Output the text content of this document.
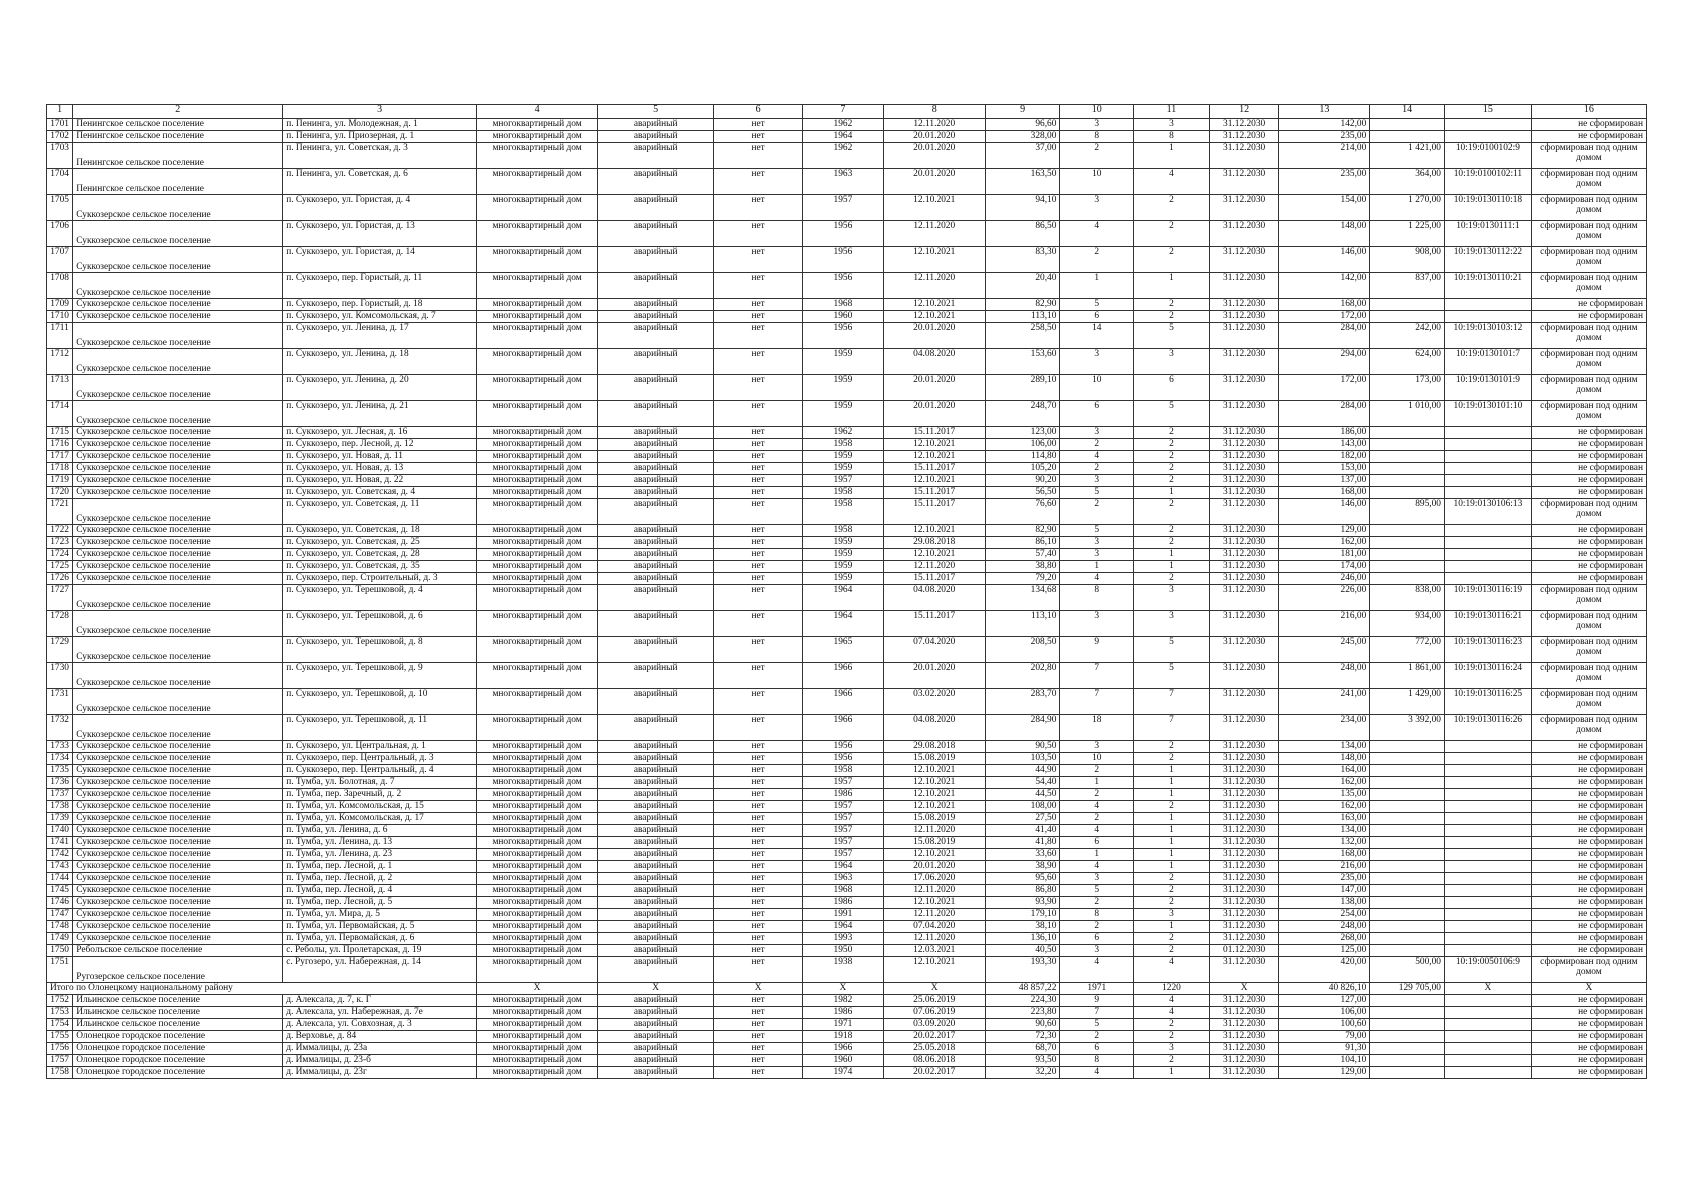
1	2	3	4	5	6	7	8	9	10	11	12	13	14	15	16
1701	Пенингское сельское поселение	п. Пенинга, ул. Молодежная, д. 1	многоквартирный дом	аварийный	нет	1962	12.11.2020	96,60	3	3	31.12.2030	142,00			не сформирован
1702	Пенингское сельское поселение	п. Пенинга, ул. Приозерная, д. 1	многоквартирный дом	аварийный	нет	1964	20.01.2020	328,00	8	8	31.12.2030	235,00			не сформирован
1703	Пенингское сельское поселение	п. Пенинга, ул. Советская, д. 3	многоквартирный дом	аварийный	нет	1962	20.01.2020	37,00	2	1	31.12.2030	214,00	1 421,00	10:19:0100102:9	сформирован под одним домом
1704	Пенингское сельское поселение	п. Пенинга, ул. Советская, д. 6	многоквартирный дом	аварийный	нет	1963	20.01.2020	163,50	10	4	31.12.2030	235,00	364,00	10:19:0100102:11	сформирован под одним домом
1705	Суккозерское сельское поселение	п. Суккозеро, ул. Гористая, д. 4	многоквартирный дом	аварийный	нет	1957	12.10.2021	94,10	3	2	31.12.2030	154,00	1 270,00	10:19:0130110:18	сформирован под одним домом
1706	Суккозерское сельское поселение	п. Суккозеро, ул. Гористая, д. 13	многоквартирный дом	аварийный	нет	1956	12.11.2020	86,50	4	2	31.12.2030	148,00	1 225,00	10:19:0130111:1	сформирован под одним домом
1707	Суккозерское сельское поселение	п. Суккозеро, ул. Гористая, д. 14	многоквартирный дом	аварийный	нет	1956	12.10.2021	83,30	2	2	31.12.2030	146,00	908,00	10:19:0130112:22	сформирован под одним домом
1708	Суккозерское сельское поселение	п. Суккозеро, пер. Гористый, д. 11	многоквартирный дом	аварийный	нет	1956	12.11.2020	20,40	1	1	31.12.2030	142,00	837,00	10:19:0130110:21	сформирован под одним домом
1709	Суккозерское сельское поселение	п. Суккозеро, пер. Гористый, д. 18	многоквартирный дом	аварийный	нет	1968	12.10.2021	82,90	5	2	31.12.2030	168,00			не сформирован
1710	Суккозерское сельское поселение	п. Суккозеро, ул. Комсомольская, д. 7	многоквартирный дом	аварийный	нет	1960	12.10.2021	113,10	6	2	31.12.2030	172,00			не сформирован
1711	Суккозерское сельское поселение	п. Суккозеро, ул. Ленина, д. 17	многоквартирный дом	аварийный	нет	1956	20.01.2020	258,50	14	5	31.12.2030	284,00	242,00	10:19:0130103:12	сформирован под одним домом
1712	Суккозерское сельское поселение	п. Суккозеро, ул. Ленина, д. 18	многоквартирный дом	аварийный	нет	1959	04.08.2020	153,60	3	3	31.12.2030	294,00	624,00	10:19:0130101:7	сформирован под одним домом
1713	Суккозерское сельское поселение	п. Суккозеро, ул. Ленина, д. 20	многоквартирный дом	аварийный	нет	1959	20.01.2020	289,10	10	6	31.12.2030	172,00	173,00	10:19:0130101:9	сформирован под одним домом
1714	Суккозерское сельское поселение	п. Суккозеро, ул. Ленина, д. 21	многоквартирный дом	аварийный	нет	1959	20.01.2020	248,70	6	5	31.12.2030	284,00	1 010,00	10:19:0130101:10	сформирован под одним домом
1715	Суккозерское сельское поселение	п. Суккозеро, ул. Лесная, д. 16	многоквартирный дом	аварийный	нет	1962	15.11.2017	123,00	3	2	31.12.2030	186,00			не сформирован
1716	Суккозерское сельское поселение	п. Суккозеро, пер. Лесной, д. 12	многоквартирный дом	аварийный	нет	1958	12.10.2021	106,00	2	2	31.12.2030	143,00			не сформирован
1717	Суккозерское сельское поселение	п. Суккозеро, ул. Новая, д. 11	многоквартирный дом	аварийный	нет	1959	12.10.2021	114,80	4	2	31.12.2030	182,00			не сформирован
1718	Суккозерское сельское поселение	п. Суккозеро, ул. Новая, д. 13	многоквартирный дом	аварийный	нет	1959	15.11.2017	105,20	2	2	31.12.2030	153,00			не сформирован
1719	Суккозерское сельское поселение	п. Суккозеро, ул. Новая, д. 22	многоквартирный дом	аварийный	нет	1957	12.10.2021	90,20	3	2	31.12.2030	137,00			не сформирован
1720	Суккозерское сельское поселение	п. Суккозеро, ул. Советская, д. 4	многоквартирный дом	аварийный	нет	1958	15.11.2017	56,50	5	1	31.12.2030	168,00			не сформирован
1721	Суккозерское сельское поселение	п. Суккозеро, ул. Советская, д. 11	многоквартирный дом	аварийный	нет	1958	15.11.2017	76,60	2	2	31.12.2030	146,00	895,00	10:19:0130106:13	сформирован под одним домом
1722	Суккозерское сельское поселение	п. Суккозеро, ул. Советская, д. 18	многоквартирный дом	аварийный	нет	1958	12.10.2021	82,90	5	2	31.12.2030	129,00			не сформирован
1723	Суккозерское сельское поселение	п. Суккозеро, ул. Советская, д. 25	многоквартирный дом	аварийный	нет	1959	29.08.2018	86,10	3	2	31.12.2030	162,00			не сформирован
1724	Суккозерское сельское поселение	п. Суккозеро, ул. Советская, д. 28	многоквартирный дом	аварийный	нет	1959	12.10.2021	57,40	3	1	31.12.2030	181,00			не сформирован
1725	Суккозерское сельское поселение	п. Суккозеро, ул. Советская, д. 35	многоквартирный дом	аварийный	нет	1959	12.11.2020	38,80	1	1	31.12.2030	174,00			не сформирован
1726	Суккозерское сельское поселение	п. Суккозеро, пер. Строительный, д. 3	многоквартирный дом	аварийный	нет	1959	15.11.2017	79,20	4	2	31.12.2030	246,00			не сформирован
1727	Суккозерское сельское поселение	п. Суккозеро, ул. Терешковой, д. 4	многоквартирный дом	аварийный	нет	1964	04.08.2020	134,68	8	3	31.12.2030	226,00	838,00	10:19:0130116:19	сформирован под одним домом
1728	Суккозерское сельское поселение	п. Суккозеро, ул. Терешковой, д. 6	многоквартирный дом	аварийный	нет	1964	15.11.2017	113,10	3	3	31.12.2030	216,00	934,00	10:19:0130116:21	сформирован под одним домом
1729	Суккозерское сельское поселение	п. Суккозеро, ул. Терешковой, д. 8	многоквартирный дом	аварийный	нет	1965	07.04.2020	208,50	9	5	31.12.2030	245,00	772,00	10:19:0130116:23	сформирован под одним домом
1730	Суккозерское сельское поселение	п. Суккозеро, ул. Терешковой, д. 9	многоквартирный дом	аварийный	нет	1966	20.01.2020	202,80	7	5	31.12.2030	248,00	1 861,00	10:19:0130116:24	сформирован под одним домом
1731	Суккозерское сельское поселение	п. Суккозеро, ул. Терешковой, д. 10	многоквартирный дом	аварийный	нет	1966	03.02.2020	283,70	7	7	31.12.2030	241,00	1 429,00	10:19:0130116:25	сформирован под одним домом
1732	Суккозерское сельское поселение	п. Суккозеро, ул. Терешковой, д. 11	многоквартирный дом	аварийный	нет	1966	04.08.2020	284,90	18	7	31.12.2030	234,00	3 392,00	10:19:0130116:26	сформирован под одним домом
1733	Суккозерское сельское поселение	п. Суккозеро, ул. Центральная, д. 1	многоквартирный дом	аварийный	нет	1956	29.08.2018	90,50	3	2	31.12.2030	134,00			не сформирован
1734	Суккозерское сельское поселение	п. Суккозеро, пер. Центральный, д. 3	многоквартирный дом	аварийный	нет	1956	15.08.2019	103,50	10	2	31.12.2030	148,00			не сформирован
1735	Суккозерское сельское поселение	п. Суккозеро, пер. Центральный, д. 4	многоквартирный дом	аварийный	нет	1958	12.10.2021	44,90	2	1	31.12.2030	164,00			не сформирован
1736	Суккозерское сельское поселение	п. Тумба, ул. Болотная, д. 7	многоквартирный дом	аварийный	нет	1957	12.10.2021	54,40	1	1	31.12.2030	162,00			не сформирован
1737	Суккозерское сельское поселение	п. Тумба, пер. Заречный, д. 2	многоквартирный дом	аварийный	нет	1986	12.10.2021	44,50	2	1	31.12.2030	135,00			не сформирован
1738	Суккозерское сельское поселение	п. Тумба, ул. Комсомольская, д. 15	многоквартирный дом	аварийный	нет	1957	12.10.2021	108,00	4	2	31.12.2030	162,00			не сформирован
1739	Суккозерское сельское поселение	п. Тумба, ул. Комсомольская, д. 17	многоквартирный дом	аварийный	нет	1957	15.08.2019	27,50	2	1	31.12.2030	163,00			не сформирован
1740	Суккозерское сельское поселение	п. Тумба, ул. Ленина, д. 6	многоквартирный дом	аварийный	нет	1957	12.11.2020	41,40	4	1	31.12.2030	134,00			не сформирован
1741	Суккозерское сельское поселение	п. Тумба, ул. Ленина, д. 13	многоквартирный дом	аварийный	нет	1957	15.08.2019	41,80	6	1	31.12.2030	132,00			не сформирован
1742	Суккозерское сельское поселение	п. Тумба, ул. Ленина, д. 23	многоквартирный дом	аварийный	нет	1957	12.10.2021	33,60	1	1	31.12.2030	168,00			не сформирован
1743	Суккозерское сельское поселение	п. Тумба, пер. Лесной, д. 1	многоквартирный дом	аварийный	нет	1964	20.01.2020	38,90	4	1	31.12.2030	216,00			не сформирован
1744	Суккозерское сельское поселение	п. Тумба, пер. Лесной, д. 2	многоквартирный дом	аварийный	нет	1963	17.06.2020	95,60	3	2	31.12.2030	235,00			не сформирован
1745	Суккозерское сельское поселение	п. Тумба, пер. Лесной, д. 4	многоквартирный дом	аварийный	нет	1968	12.11.2020	86,80	5	2	31.12.2030	147,00			не сформирован
1746	Суккозерское сельское поселение	п. Тумба, пер. Лесной, д. 5	многоквартирный дом	аварийный	нет	1986	12.10.2021	93,90	2	2	31.12.2030	138,00			не сформирован
1747	Суккозерское сельское поселение	п. Тумба, ул. Мира, д. 5	многоквартирный дом	аварийный	нет	1991	12.11.2020	179,10	8	3	31.12.2030	254,00			не сформирован
1748	Суккозерское сельское поселение	п. Тумба, ул. Первомайская, д. 5	многоквартирный дом	аварийный	нет	1964	07.04.2020	38,10	2	1	31.12.2030	248,00			не сформирован
1749	Суккозерское сельское поселение	п. Тумба, ул. Первомайская, д. 6	многоквартирный дом	аварийный	нет	1993	12.11.2020	136,10	6	2	31.12.2030	268,00			не сформирован
1750	Реболъское сельское поселение	с. Реболы, ул. Пролетарская, д. 19	многоквартирный дом	аварийный	нет	1950	12.03.2021	40,50	3	2	01.12.2030	125,00			не сформирован
1751	Ругозерское сельское поселение	с. Ругозеро, ул. Набережная, д. 14	многоквартирный дом	аварийный	нет	1938	12.10.2021	193,30	4	4	31.12.2030	420,00	500,00	10:19:0050106:9	сформирован под одним домом
Итого по Олонецкому национальному району			X	X	X	X	X	48 857,22	1971	1220	X	40 826,10	129 705,00	X	X
1752	Ильинское сельское поселение	д. Алексала, д. 7, к. Г	многоквартирный дом	аварийный	нет	1982	25.06.2019	224,30	9	4	31.12.2030	127,00			не сформирован
1753	Ильинское сельское поселение	д. Алексала, ул. Набережная, д. 7е	многоквартирный дом	аварийный	нет	1986	07.06.2019	223,80	7	4	31.12.2030	106,00			не сформирован
1754	Ильинское сельское поселение	д. Алексала, ул. Совхозная, д. 3	многоквартирный дом	аварийный	нет	1971	03.09.2020	90,60	5	2	31.12.2030	100,60			не сформирован
1755	Олонецкое городское поселение	д. Верховье, д. 84	многоквартирный дом	аварийный	нет	1918	20.02.2017	72,30	2	2	31.12.2030	79,00			не сформирован
1756	Олонецкое городское поселение	д. Иммалицы, д. 23а	многоквартирный дом	аварийный	нет	1966	25.05.2018	68,70	6	3	31.12.2030	91,30			не сформирован
1757	Олонецкое городское поселение	д. Иммалицы, д. 23-б	многоквартирный дом	аварийный	нет	1960	08.06.2018	93,50	8	2	31.12.2030	104,10			не сформирован
1758	Олонецкое городское поселение	д. Иммалицы, д. 23г	многоквартирный дом	аварийный	нет	1974	20.02.2017	32,20	4	1	31.12.2030	129,00			не сформирован
